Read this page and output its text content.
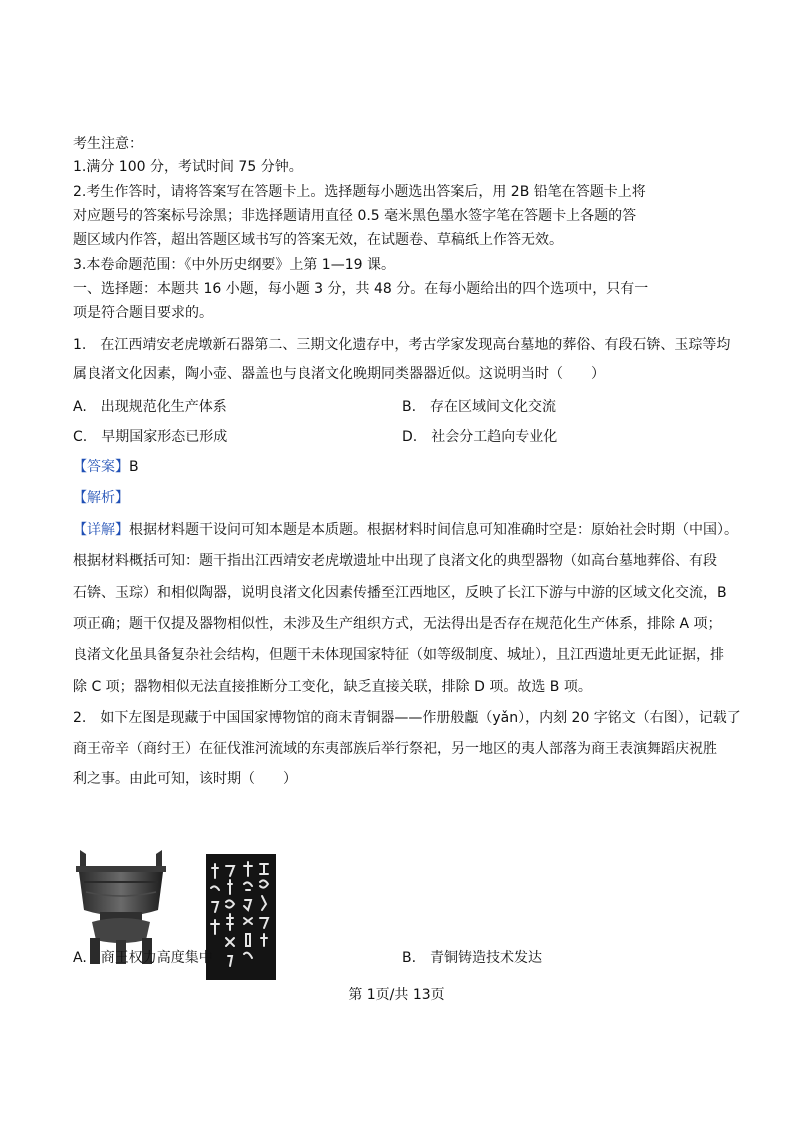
考生注意：
1.满分 100 分，考试时间 75 分钟。
2.考生作答时，请将答案写在答题卡上。选择题每小题选出答案后，用 2B 铅笔在答题卡上将
对应题号的答案标号涂黑；非选择题请用直径 0.5 毫米黑色墨水签字笔在答题卡上各题的答
题区域内作答，超出答题区域书写的答案无效，在试题卷、草稿纸上作答无效。
3.本卷命题范围：《中外历史纲要》上第 1—19 课。
一、选择题：本题共 16 小题，每小题 3 分，共 48 分。在每小题给出的四个选项中，只有一
项是符合题目要求的。
1.　在江西靖安老虎墩新石器第二、三期文化遗存中，考古学家发现高台墓地的葬俗、有段石锛、玉琮等均
属良渚文化因素，陶小壶、器盖也与良渚文化晚期同类器器近似。这说明当时（　　）
A.　出现规范化生产体系	B.　存在区域间文化交流
C.　早期国家形态已形成	D.　社会分工趋向专业化
【答案】B
【解析】
【详解】根据材料题干设问可知本题是本质题。根据材料时间信息可知准确时空是：原始社会时期（中国）。
根据材料概括可知：题干指出江西靖安老虎墩遗址中出现了良渚文化的典型器物（如高台墓地葬俗、有段
石锛、玉琮）和相似陶器，说明良渚文化因素传播至江西地区，反映了长江下游与中游的区域文化交流，B
项正确；题干仅提及器物相似性，未涉及生产组织方式，无法得出是否存在规范化生产体系，排除 A 项；
良渚文化虽具备复杂社会结构，但题干未体现国家特征（如等级制度、城址），且江西遗址更无此证据，排
除 C 项；器物相似无法直接推断分工变化，缺乏直接关联，排除 D 项。故选 B 项。
2.　如下左图是现藏于中国国家博物馆的商末青铜器——作册般甗（yǎn），内刻 20 字铭文（右图），记载了
商王帝辛（商纣王）在征伐淮河流域的东夷部族后举行祭祀，另一地区的夷人部落为商王表演舞蹈庆祝胜
利之事。由此可知，该时期（　　）
A.　商王权力高度集中	B.　青铜铸造技术发达
第 1页/共 13页
